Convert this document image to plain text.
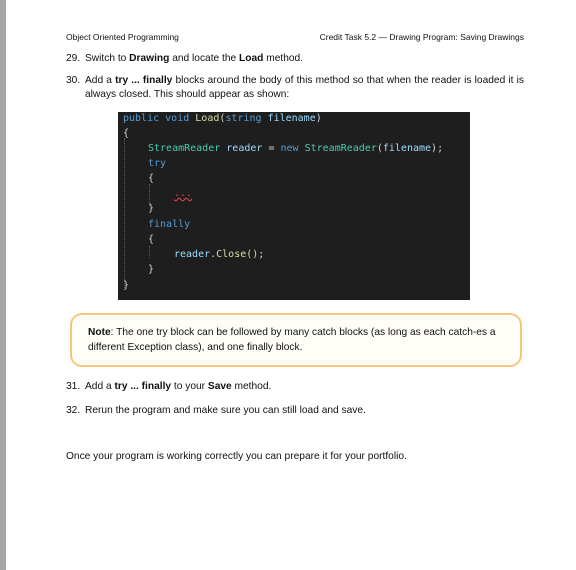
Object Oriented Programming	Credit Task 5.2 — Drawing Program: Saving Drawings
29. Switch to Drawing and locate the Load method.
30. Add a try ... finally blocks around the body of this method so that when the reader is loaded it is always closed. This should appear as shown:
public void Load(string filename)
{
StreamReader reader = new StreamReader(filename);
try
{
...
}
finally
{
reader.Close();
}
}
Note: The one try block can be followed by many catch blocks (as long as each catch-es a different Exception class), and one finally block.
31. Add a try ... finally to your Save method.
32. Rerun the program and make sure you can still load and save.
Once your program is working correctly you can prepare it for your portfolio.
